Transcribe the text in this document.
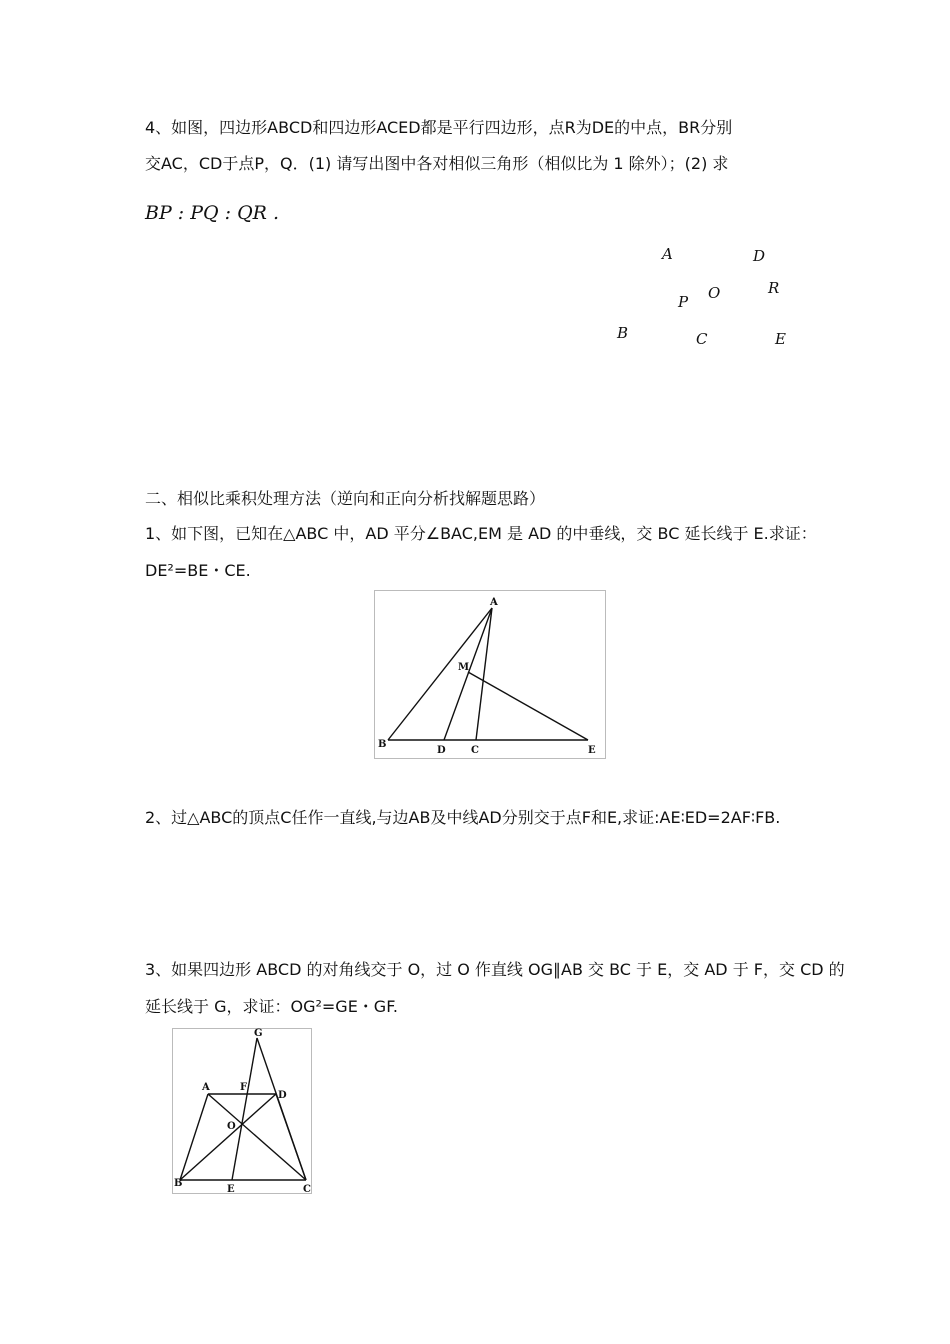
4、如图，四边形ABCD和四边形ACED都是平行四边形，点R为DE的中点，BR分别
交AC，CD于点P，Q．(1) 请写出图中各对相似三角形（相似比为 1 除外）；(2) 求
BP : PQ : QR .
A	D
P O	R
B	C	E
二、相似比乘积处理方法（逆向和正向分析找解题思路）
1、如下图，已知在△ABC 中，AD 平分∠BAC,EM 是 AD 的中垂线，交 BC 延长线于 E.求证：
DE²=BE・CE.
A
M
B
D	C	E
2、过△ABC的顶点C任作一直线,与边AB及中线AD分别交于点F和E,求证:AE∶ED=2AF∶FB.
3、如果四边形 ABCD 的对角线交于 O，过 O 作直线 OG∥AB 交 BC 于 E，交 AD 于 F，交 CD 的
延长线于 G，求证：OG²=GE・GF.
G
A	F
D
O
B
E	C
